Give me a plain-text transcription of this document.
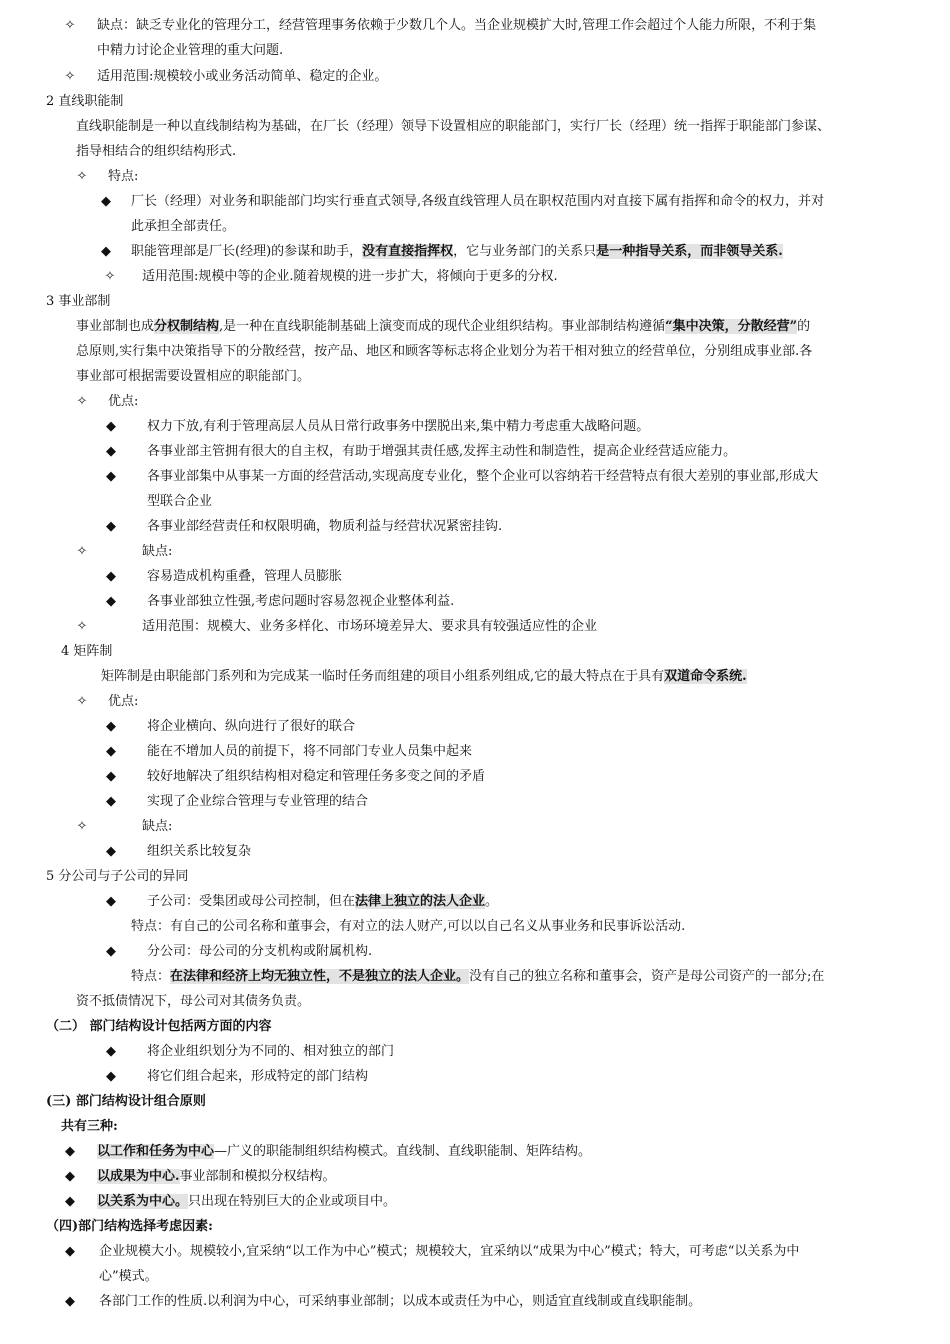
✧ 缺点：缺乏专业化的管理分工，经营管理事务依赖于少数几个人。当企业规模扩大时,管理工作会超过个人能力所限，不利于集
中精力讨论企业管理的重大问题.
✧ 适用范围:规模较小或业务活动简单、稳定的企业。
2 直线职能制
直线职能制是一种以直线制结构为基础，在厂长（经理）领导下设置相应的职能部门，实行厂长（经理）统一指挥于职能部门参谋、
指导相结合的组织结构形式.
✧ 特点:
◆ 厂长（经理）对业务和职能部门均实行垂直式领导,各级直线管理人员在职权范围内对直接下属有指挥和命令的权力，并对
此承担全部责任。
◆ 职能管理部是厂长(经理)的参谋和助手，没有直接指挥权，它与业务部门的关系只是一种指导关系，而非领导关系.
✧ 适用范围:规模中等的企业.随着规模的进一步扩大，将倾向于更多的分权.
3 事业部制
事业部制也成分权制结构,是一种在直线职能制基础上演变而成的现代企业组织结构。事业部制结构遵循“集中决策，分散经营”的
总原则,实行集中决策指导下的分散经营，按产品、地区和顾客等标志将企业划分为若干相对独立的经营单位，分别组成事业部.各
事业部可根据需要设置相应的职能部门。
✧ 优点:
◆ 权力下放,有利于管理高层人员从日常行政事务中摆脱出来,集中精力考虑重大战略问题。
◆ 各事业部主管拥有很大的自主权，有助于增强其责任感,发挥主动性和制造性，提高企业经营适应能力。
◆ 各事业部集中从事某一方面的经营活动,实现高度专业化，整个企业可以容纳若干经营特点有很大差别的事业部,形成大
型联合企业
◆ 各事业部经营责任和权限明确，物质利益与经营状况紧密挂钩.
✧	缺点:
◆ 容易造成机构重叠，管理人员膨胀
◆ 各事业部独立性强,考虑问题时容易忽视企业整体利益.
✧	适用范围：规模大、业务多样化、市场环境差异大、要求具有较强适应性的企业
4 矩阵制
矩阵制是由职能部门系列和为完成某一临时任务而组建的项目小组系列组成,它的最大特点在于具有双道命令系统.
✧ 优点:
◆ 将企业横向、纵向进行了很好的联合
◆ 能在不增加人员的前提下，将不同部门专业人员集中起来
◆ 较好地解决了组织结构相对稳定和管理任务多变之间的矛盾
◆ 实现了企业综合管理与专业管理的结合
✧	缺点:
◆ 组织关系比较复杂
5 分公司与子公司的异同
◆ 子公司：受集团或母公司控制，但在法律上独立的法人企业。
特点：有自己的公司名称和董事会，有对立的法人财产,可以以自己名义从事业务和民事诉讼活动.
◆ 分公司：母公司的分支机构或附属机构.
特点：在法律和经济上均无独立性，不是独立的法人企业。没有自己的独立名称和董事会，资产是母公司资产的一部分;在
资不抵债情况下，母公司对其债务负责。
（二） 部门结构设计包括两方面的内容
◆ 将企业组织划分为不同的、相对独立的部门
◆ 将它们组合起来，形成特定的部门结构
(三) 部门结构设计组合原则
共有三种:
◆ 以工作和任务为中心—广义的职能制组织结构模式。直线制、直线职能制、矩阵结构。
◆ 以成果为中心.事业部制和模拟分权结构。
◆ 以关系为中心。只出现在特别巨大的企业或项目中。
（四)部门结构选择考虑因素:
◆ 企业规模大小。规模较小,宜采纳“以工作为中心”模式；规模较大，宜采纳以“成果为中心”模式；特大，可考虑“以关系为中
心”模式。
◆ 各部门工作的性质.以利润为中心，可采纳事业部制；以成本或责任为中心，则适宜直线制或直线职能制。
